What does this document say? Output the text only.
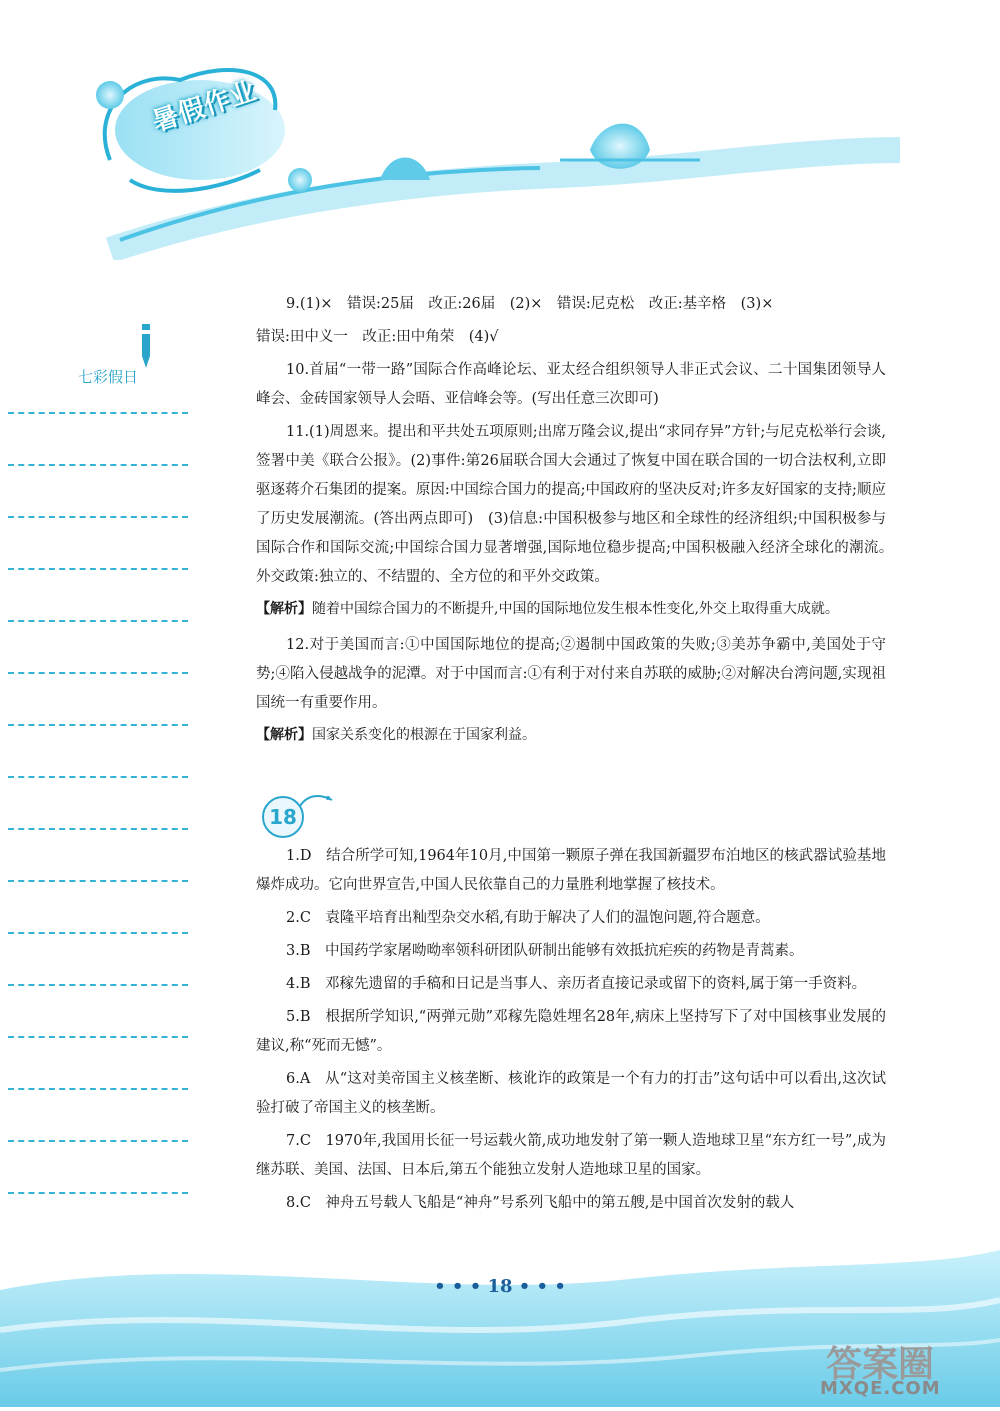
暑假作业
七彩假日

9.(1)×　错误:25届　改正:26届　(2)×　错误:尼克松　改正:基辛格　(3)×

错误:田中义一　改正:田中角荣　(4)√

10.首届“一带一路”国际合作高峰论坛、亚太经合组织领导人非正式会议、二十国集团领导人峰会、金砖国家领导人会晤、亚信峰会等。(写出任意三次即可)

11.(1)周恩来。提出和平共处五项原则;出席万隆会议,提出“求同存异”方针;与尼克松举行会谈,签署中美《联合公报》。(2)事件:第26届联合国大会通过了恢复中国在联合国的一切合法权利,立即驱逐蒋介石集团的提案。原因:中国综合国力的提高;中国政府的坚决反对;许多友好国家的支持;顺应了历史发展潮流。(答出两点即可)　(3)信息:中国积极参与地区和全球性的经济组织;中国积极参与国际合作和国际交流;中国综合国力显著增强,国际地位稳步提高;中国积极融入经济全球化的潮流。　外交政策:独立的、不结盟的、全方位的和平外交政策。

【解析】随着中国综合国力的不断提升,中国的国际地位发生根本性变化,外交上取得重大成就。

12.对于美国而言:①中国国际地位的提高;②遏制中国政策的失败;③美苏争霸中,美国处于守势;④陷入侵越战争的泥潭。对于中国而言:①有利于对付来自苏联的威胁;②对解决台湾问题,实现祖国统一有重要作用。

【解析】国家关系变化的根源在于国家利益。

18

1.D　结合所学可知,1964年10月,中国第一颗原子弹在我国新疆罗布泊地区的核武器试验基地爆炸成功。它向世界宣告,中国人民依靠自己的力量胜利地掌握了核技术。

2.C　袁隆平培育出籼型杂交水稻,有助于解决了人们的温饱问题,符合题意。

3.B　中国药学家屠呦呦率领科研团队研制出能够有效抵抗疟疾的药物是青蒿素。

4.B　邓稼先遗留的手稿和日记是当事人、亲历者直接记录或留下的资料,属于第一手资料。

5.B　根据所学知识,“两弹元勋”邓稼先隐姓埋名28年,病床上坚持写下了对中国核事业发展的建议,称“死而无憾”。

6.A　从“这对美帝国主义核垄断、核讹诈的政策是一个有力的打击”这句话中可以看出,这次试验打破了帝国主义的核垄断。

7.C　1970年,我国用长征一号运载火箭,成功地发射了第一颗人造地球卫星“东方红一号”,成为继苏联、美国、法国、日本后,第五个能独立发射人造地球卫星的国家。

8.C　神舟五号载人飞船是“神舟”号系列飞船中的第五艘,是中国首次发射的载人

• • • 18 • • •
答案圈
MXQE.COM
